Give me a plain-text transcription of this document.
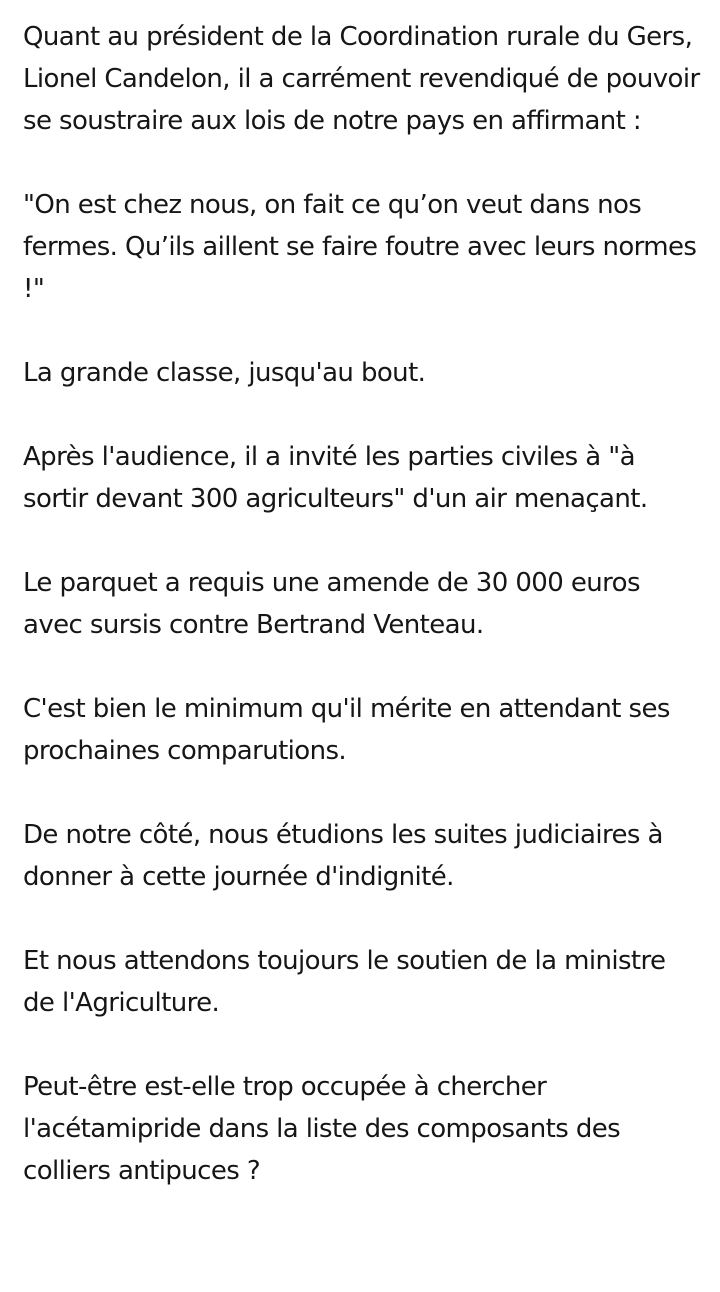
Quant au président de la Coordination rurale du Gers, Lionel Candelon, il a carrément revendiqué de pouvoir se soustraire aux lois de notre pays en affirmant :

"On est chez nous, on fait ce qu’on veut dans nos fermes. Qu’ils aillent se faire foutre avec leurs normes !"

La grande classe, jusqu'au bout.

Après l'audience, il a invité les parties civiles à "à sortir devant 300 agriculteurs" d'un air menaçant.

Le parquet a requis une amende de 30 000 euros avec sursis contre Bertrand Venteau.

C'est bien le minimum qu'il mérite en attendant ses prochaines comparutions.

De notre côté, nous étudions les suites judiciaires à donner à cette journée d'indignité.

Et nous attendons toujours le soutien de la ministre de l'Agriculture.

Peut-être est-elle trop occupée à chercher l'acétamipride dans la liste des composants des colliers antipuces ?
